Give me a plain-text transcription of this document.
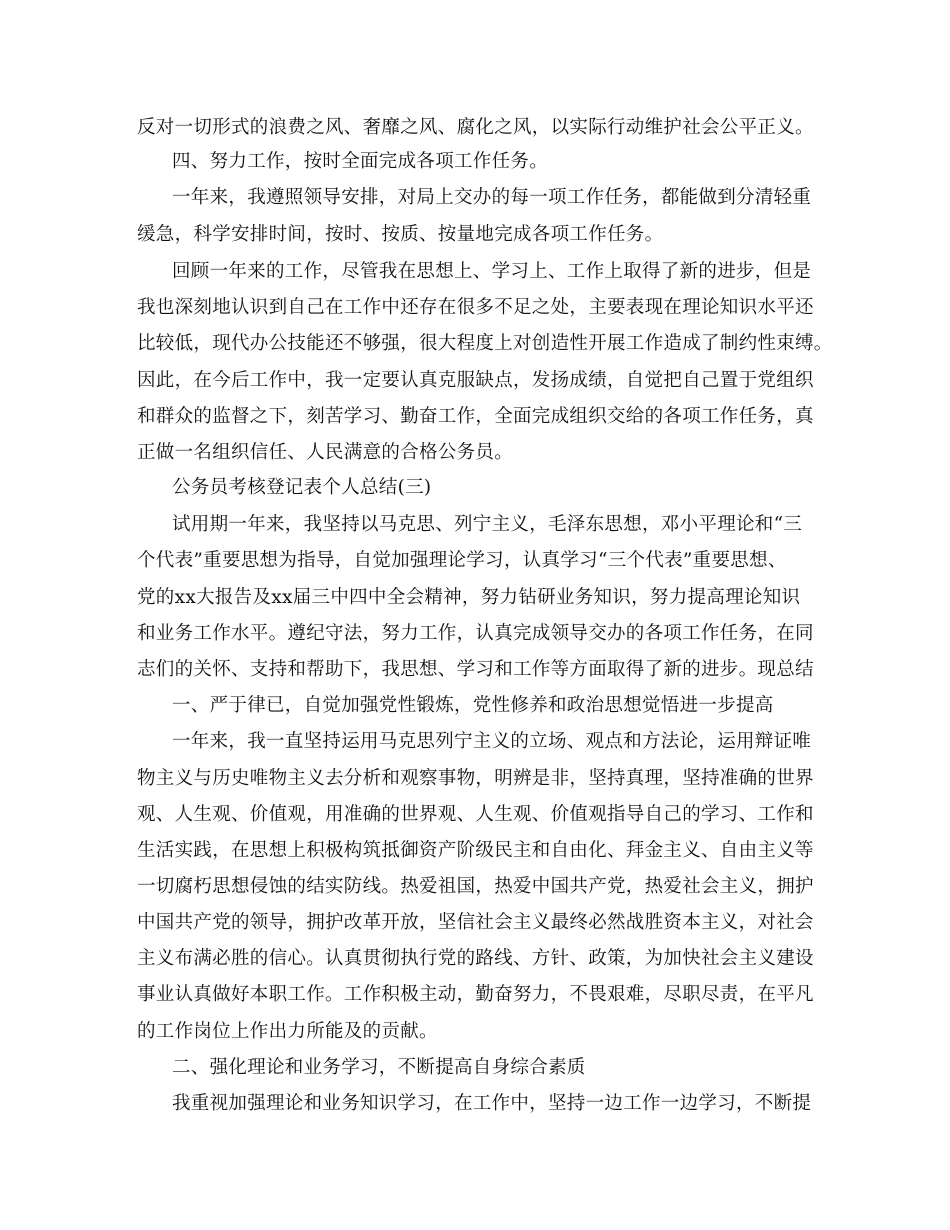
反对一切形式的浪费之风、奢靡之风、腐化之风，以实际行动维护社会公平正义。
四、努力工作，按时全面完成各项工作任务。
一年来，我遵照领导安排，对局上交办的每一项工作任务，都能做到分清轻重
缓急，科学安排时间，按时、按质、按量地完成各项工作任务。
回顾一年来的工作，尽管我在思想上、学习上、工作上取得了新的进步，但是
我也深刻地认识到自己在工作中还存在很多不足之处，主要表现在理论知识水平还
比较低，现代办公技能还不够强，很大程度上对创造性开展工作造成了制约性束缚。
因此，在今后工作中，我一定要认真克服缺点，发扬成绩，自觉把自己置于党组织
和群众的监督之下，刻苦学习、勤奋工作，全面完成组织交给的各项工作任务，真
正做一名组织信任、人民满意的合格公务员。
公务员考核登记表个人总结(三)
试用期一年来，我坚持以马克思、列宁主义，毛泽东思想，邓小平理论和“三
个代表”重要思想为指导，自觉加强理论学习，认真学习“三个代表”重要思想、
党的xx大报告及xx届三中四中全会精神，努力钻研业务知识，努力提高理论知识
和业务工作水平。遵纪守法，努力工作，认真完成领导交办的各项工作任务，在同
志们的关怀、支持和帮助下，我思想、学习和工作等方面取得了新的进步。现总结
一、严于律已，自觉加强党性锻炼，党性修养和政治思想觉悟进一步提高
一年来，我一直坚持运用马克思列宁主义的立场、观点和方法论，运用辩证唯
物主义与历史唯物主义去分析和观察事物，明辨是非，坚持真理，坚持准确的世界
观、人生观、价值观，用准确的世界观、人生观、价值观指导自己的学习、工作和
生活实践，在思想上积极构筑抵御资产阶级民主和自由化、拜金主义、自由主义等
一切腐朽思想侵蚀的结实防线。热爱祖国，热爱中国共产党，热爱社会主义，拥护
中国共产党的领导，拥护改革开放，坚信社会主义最终必然战胜资本主义，对社会
主义布满必胜的信心。认真贯彻执行党的路线、方针、政策，为加快社会主义建设
事业认真做好本职工作。工作积极主动，勤奋努力，不畏艰难，尽职尽责，在平凡
的工作岗位上作出力所能及的贡献。
二、强化理论和业务学习，不断提高自身综合素质
我重视加强理论和业务知识学习，在工作中，坚持一边工作一边学习，不断提
